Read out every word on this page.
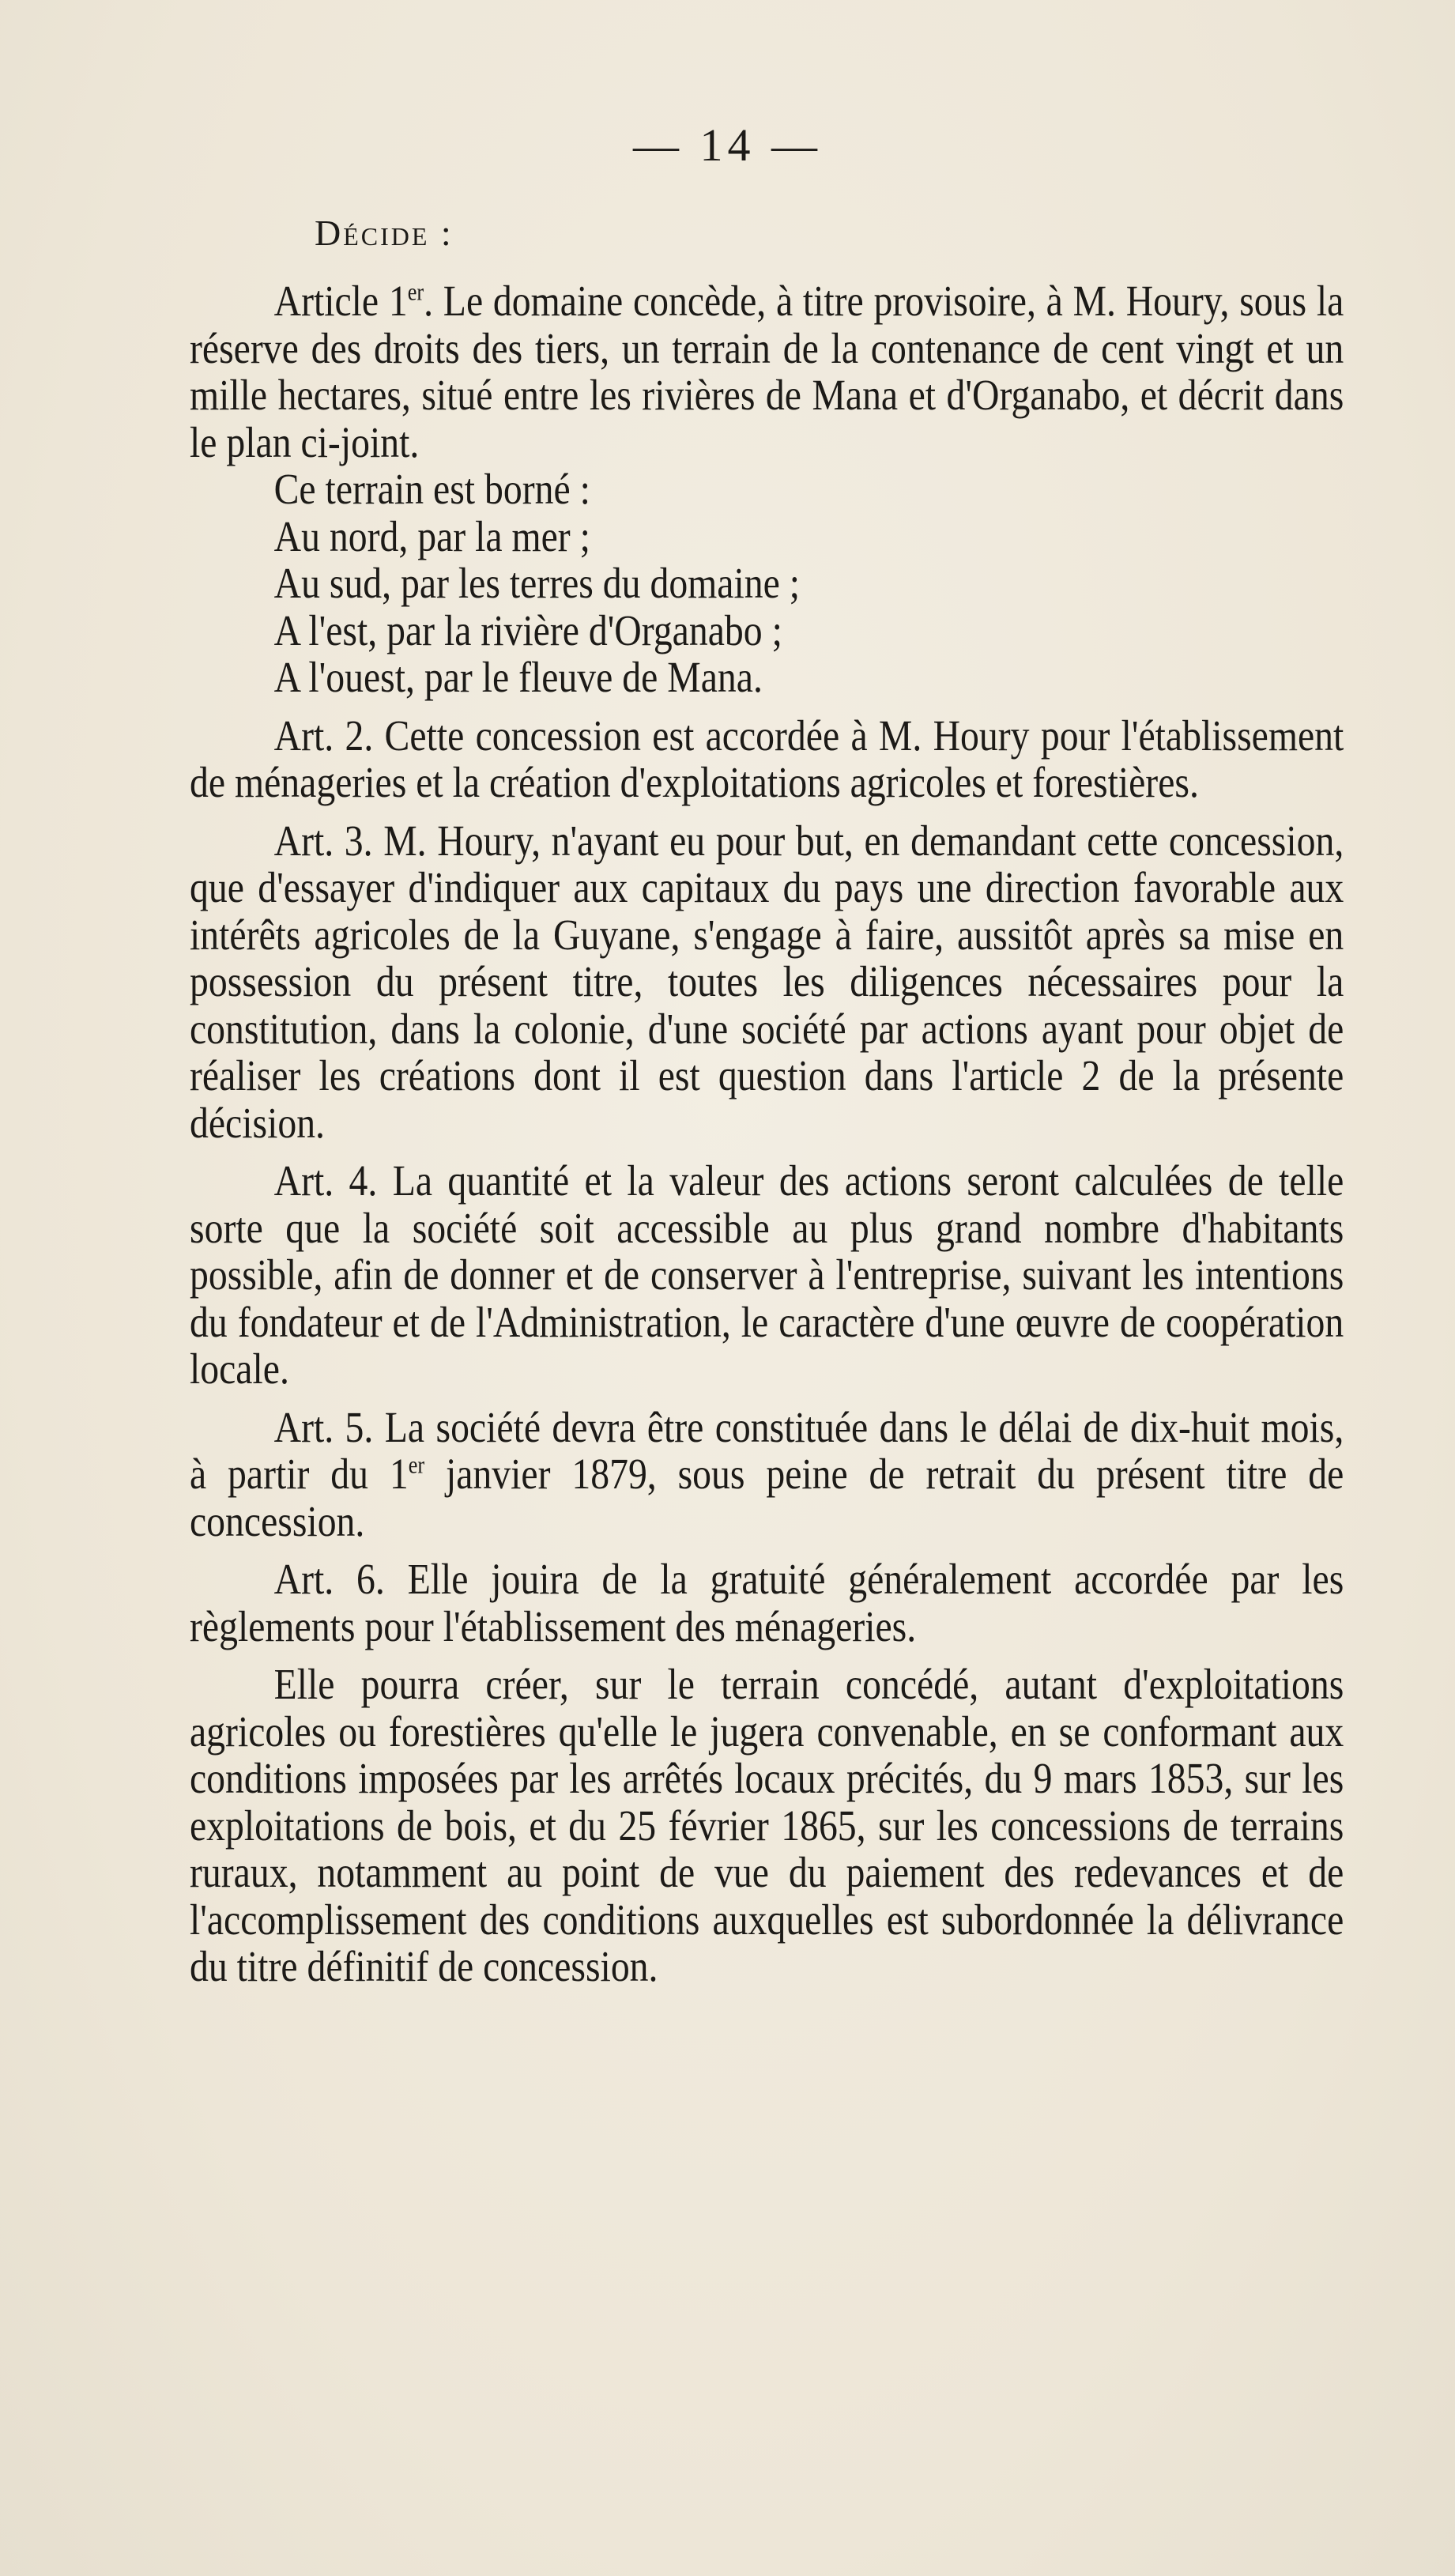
— 14 —
Décide :

Article 1er. Le domaine concède, à titre provisoire, à M. Houry, sous la réserve des droits des tiers, un terrain de la contenance de cent vingt et un mille hectares, situé entre les rivières de Mana et d'Organabo, et décrit dans le plan ci-joint.

Ce terrain est borné :
Au nord, par la mer ;
Au sud, par les terres du domaine ;
A l'est, par la rivière d'Organabo ;
A l'ouest, par le fleuve de Mana.

Art. 2. Cette concession est accordée à M. Houry pour l'établissement de ménageries et la création d'exploitations agricoles et forestières.

Art. 3. M. Houry, n'ayant eu pour but, en demandant cette concession, que d'essayer d'indiquer aux capitaux du pays une direction favorable aux intérêts agricoles de la Guyane, s'engage à faire, aussitôt après sa mise en possession du présent titre, toutes les diligences nécessaires pour la constitution, dans la colonie, d'une société par actions ayant pour objet de réaliser les créations dont il est question dans l'article 2 de la présente décision.

Art. 4. La quantité et la valeur des actions seront calculées de telle sorte que la société soit accessible au plus grand nombre d'habitants possible, afin de donner et de conserver à l'entreprise, suivant les intentions du fondateur et de l'Administration, le caractère d'une œuvre de coopération locale.

Art. 5. La société devra être constituée dans le délai de dix-huit mois, à partir du 1er janvier 1879, sous peine de retrait du présent titre de concession.

Art. 6. Elle jouira de la gratuité généralement accordée par les règlements pour l'établissement des ménageries.

Elle pourra créer, sur le terrain concédé, autant d'exploitations agricoles ou forestières qu'elle le jugera convenable, en se conformant aux conditions imposées par les arrêtés locaux précités, du 9 mars 1853, sur les exploitations de bois, et du 25 février 1865, sur les concessions de terrains ruraux, notamment au point de vue du paiement des redevances et de l'accomplissement des conditions auxquelles est subordonnée la délivrance du titre définitif de concession.
